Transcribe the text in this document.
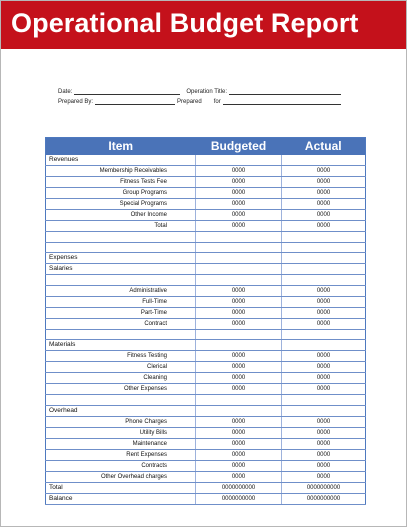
Operational Budget Report
Date:	Operation Title:
Prepared By:	Prepared for
Item	Budgeted	Actual
Revenues		
Membership Receivables	0000	0000
Fitness Tests Fee	0000	0000
Group Programs	0000	0000
Special Programs	0000	0000
Other Income	0000	0000
Total	0000	0000

Expenses		
Salaries		

Administrative	0000	0000
Full-Time	0000	0000
Part-Time	0000	0000
Contract	0000	0000

Materials		
Fitness Testing	0000	0000
Clerical	0000	0000
Cleaning	0000	0000
Other Expenses	0000	0000

Overhead		
Phone Charges	0000	0000
Utility Bills	0000	0000
Maintenance	0000	0000
Rent Expenses	0000	0000
Contracts	0000	0000
Other Overhead charges	0000	0000
Total	0000000000	0000000000
Balance	0000000000	0000000000
